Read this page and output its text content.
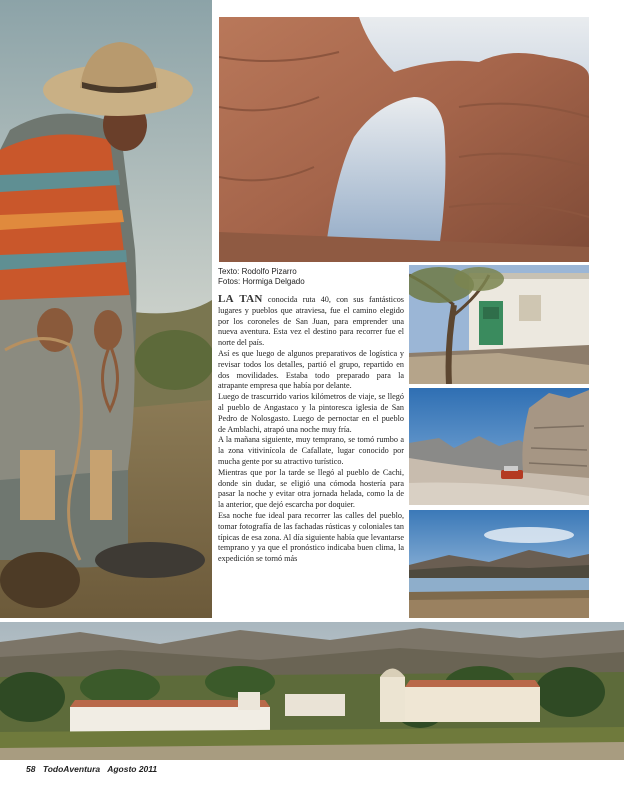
Texto: Rodolfo Pizarro
Fotos: Hormiga Delgado

LA TAN conocida ruta 40, con sus fantásticos lugares y pueblos que atraviesa, fue el camino elegido por los coroneles de San Juan, para emprender una nueva aventura. Esta vez el destino para recorrer fue el norte del país.

Así es que luego de algunos preparativos de logística y revisar todos los detalles, partió el grupo, repartido en dos movilidades. Estaba todo preparado para la atrapante empresa que había por delante.

Luego de trascurrido varios kilómetros de viaje, se llegó al pueblo de Angastaco y la pintoresca iglesia de San Pedro de Nolosgasto. Luego de pernoctar en el pueblo de Amblachi, atrapó una noche muy fría.

A la mañana siguiente, muy temprano, se tomó rumbo a la zona vitivinícola de Cafallate, lugar conocido por mucha gente por su atractivo turístico.

Mientras que por la tarde se llegó al pueblo de Cachi, donde sin dudar, se eligió una cómoda hostería para pasar la noche y evitar otra jornada helada, como la de la anterior, que dejó escarcha por doquier.

Esa noche fue ideal para recorrer las calles del pueblo, tomar fotografía de las fachadas rústicas y coloniales tan típicas de esa zona. Al día siguiente había que levantarse temprano y ya que el pronóstico indicaba buen clima, la expedición se tornó más

58 TodoAventura Agosto 2011
